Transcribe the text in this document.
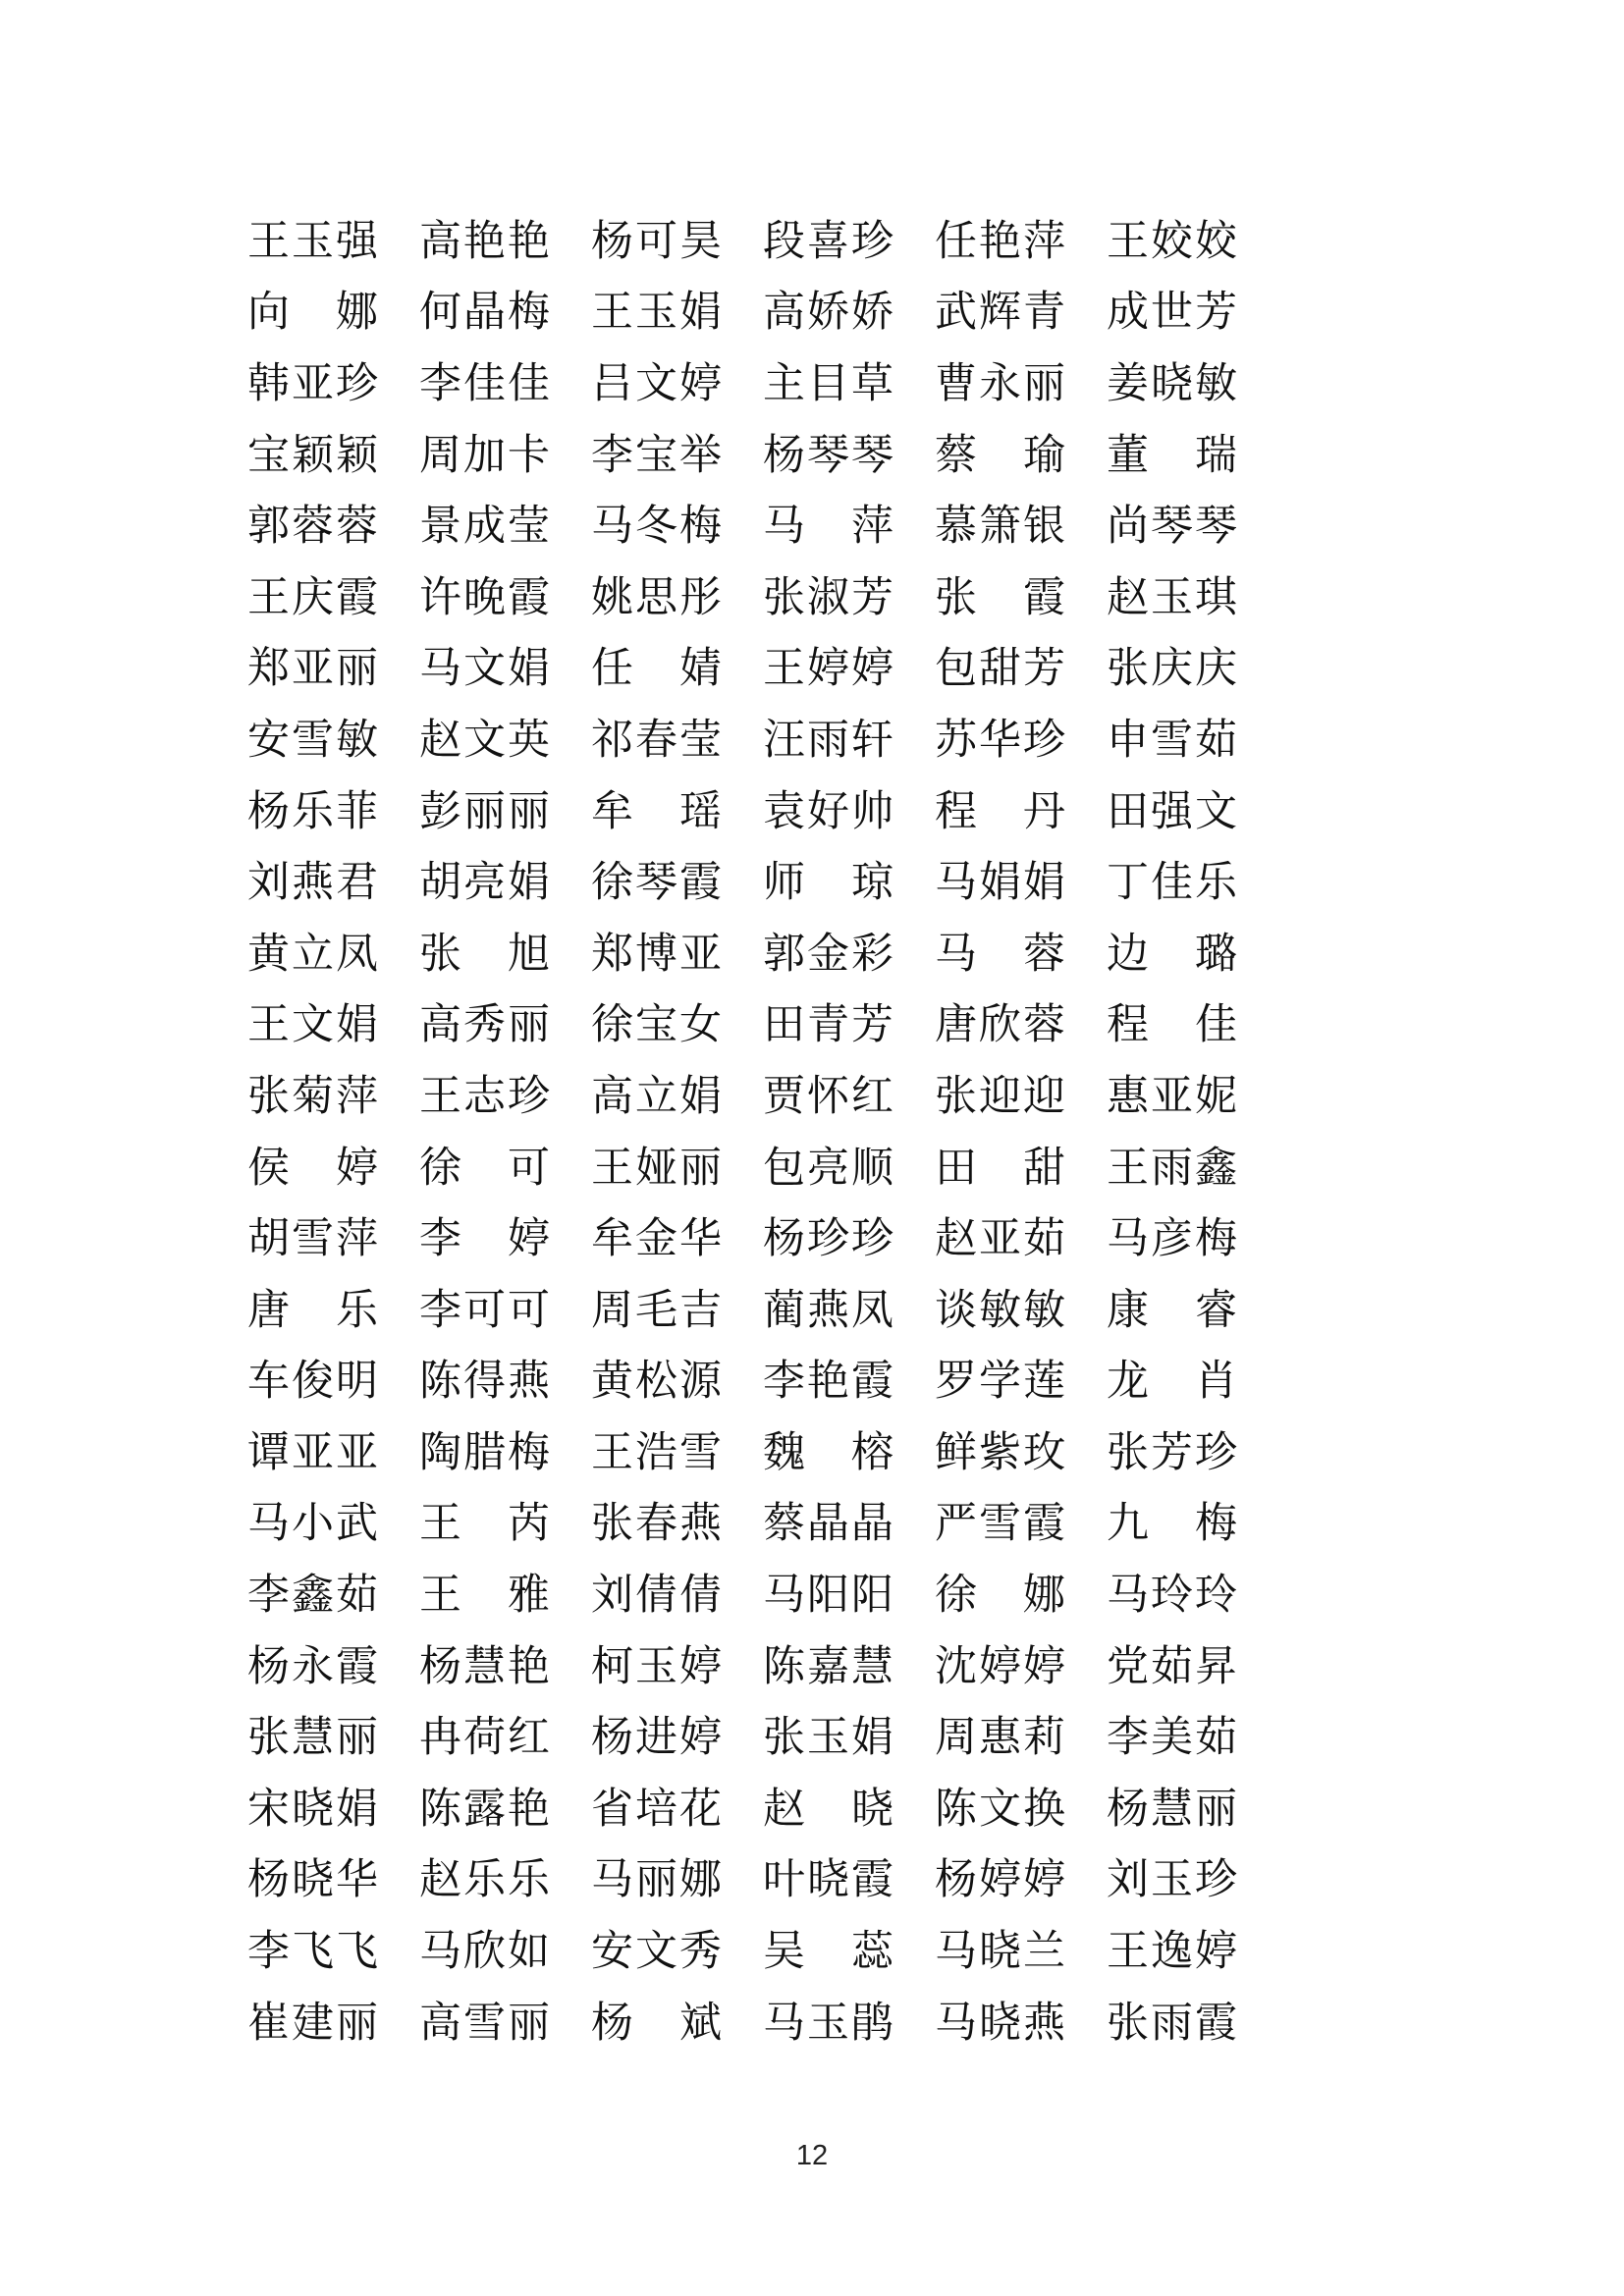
王玉强 高艳艳 杨可昊 段喜珍 任艳萍 王姣姣
向　娜 何晶梅 王玉娟 高娇娇 武辉青 成世芳
韩亚珍 李佳佳 吕文婷 主目草 曹永丽 姜晓敏
宝颖颖 周加卡 李宝举 杨琴琴 蔡　瑜 董　瑞
郭蓉蓉 景成莹 马冬梅 马　萍 慕箫银 尚琴琴
王庆霞 许晚霞 姚思彤 张淑芳 张　霞 赵玉琪
郑亚丽 马文娟 任　婧 王婷婷 包甜芳 张庆庆
安雪敏 赵文英 祁春莹 汪雨轩 苏华珍 申雪茹
杨乐菲 彭丽丽 牟　瑶 袁好帅 程　丹 田强文
刘燕君 胡亮娟 徐琴霞 师　琼 马娟娟 丁佳乐
黄立凤 张　旭 郑博亚 郭金彩 马　蓉 边　璐
王文娟 高秀丽 徐宝女 田青芳 唐欣蓉 程　佳
张菊萍 王志珍 高立娟 贾怀红 张迎迎 惠亚妮
侯　婷 徐　可 王娅丽 包亮顺 田　甜 王雨鑫
胡雪萍 李　婷 牟金华 杨珍珍 赵亚茹 马彦梅
唐　乐 李可可 周毛吉 蔺燕凤 谈敏敏 康　睿
车俊明 陈得燕 黄松源 李艳霞 罗学莲 龙　肖
谭亚亚 陶腊梅 王浩雪 魏　榕 鲜紫玫 张芳珍
马小武 王　芮 张春燕 蔡晶晶 严雪霞 九　梅
李鑫茹 王　雅 刘倩倩 马阳阳 徐　娜 马玲玲
杨永霞 杨慧艳 柯玉婷 陈嘉慧 沈婷婷 党茹昇
张慧丽 冉荷红 杨进婷 张玉娟 周惠莉 李美茹
宋晓娟 陈露艳 省培花 赵　晓 陈文换 杨慧丽
杨晓华 赵乐乐 马丽娜 叶晓霞 杨婷婷 刘玉珍
李飞飞 马欣如 安文秀 吴　蕊 马晓兰 王逸婷
崔建丽 高雪丽 杨　斌 马玉鹃 马晓燕 张雨霞
12
